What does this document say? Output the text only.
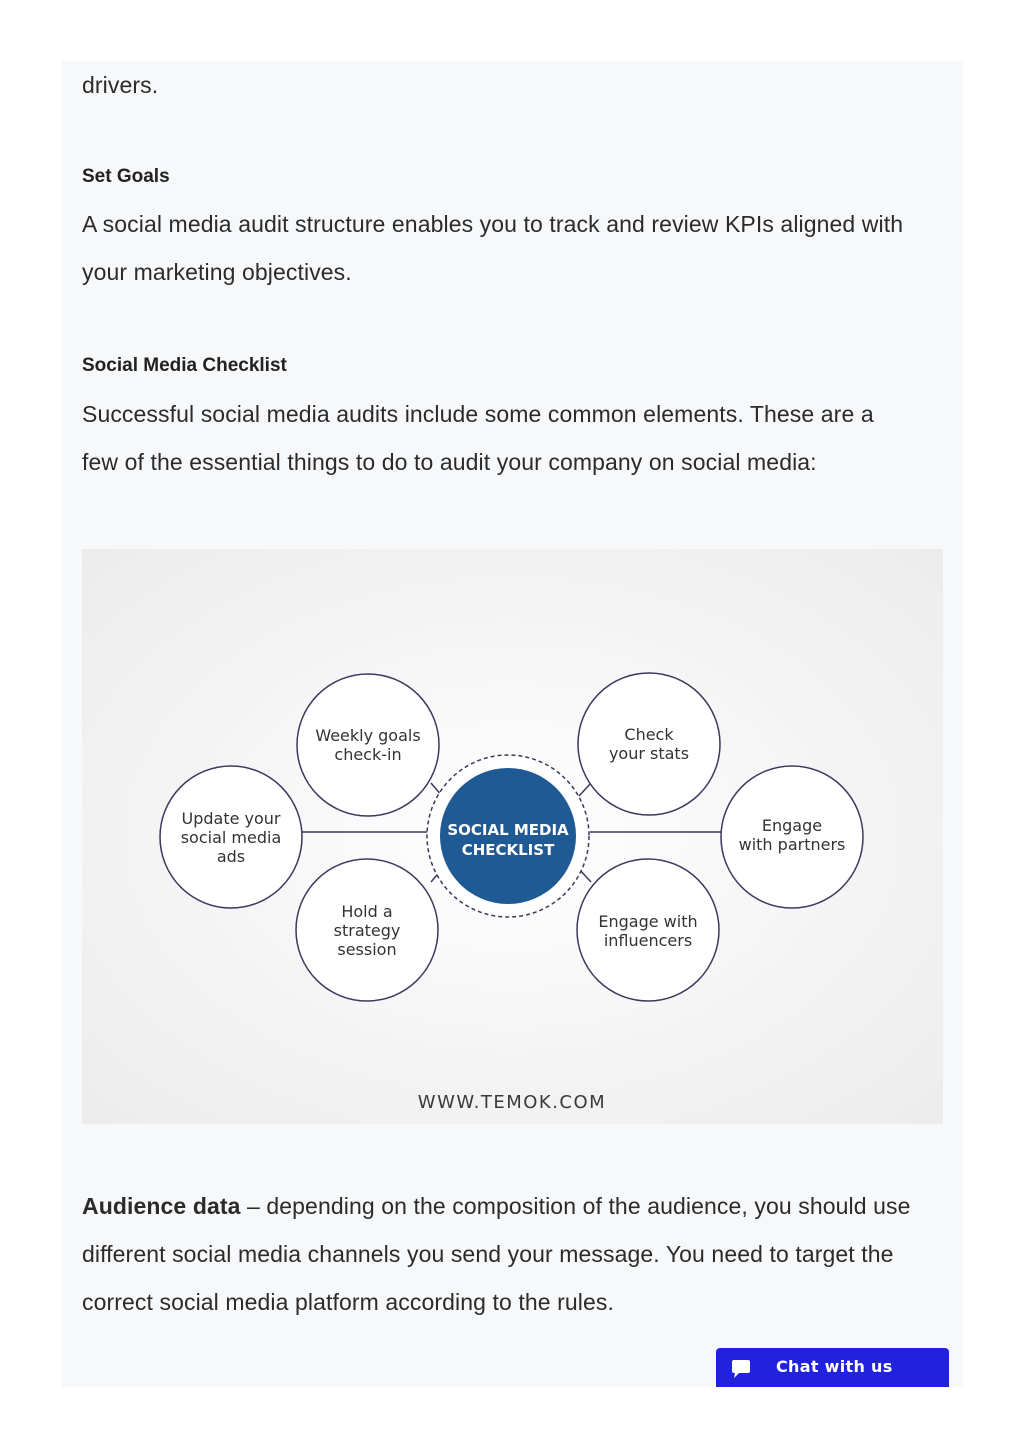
drivers.

Set Goals

A social media audit structure enables you to track and review KPIs aligned with

your marketing objectives.

Social Media Checklist

Successful social media audits include some common elements. These are a

few of the essential things to do to audit your company on social media:

SOCIAL MEDIA
CHECKLIST
Weekly goals
check-in
Check
your stats
Update your
social media
ads
Engage
with partners
Hold a
strategy
session
Engage with
influencers
WWW.TEMOK.COM

Audience data – depending on the composition of the audience, you should use

different social media channels you send your message. You need to target the

correct social media platform according to the rules.

Chat with us
